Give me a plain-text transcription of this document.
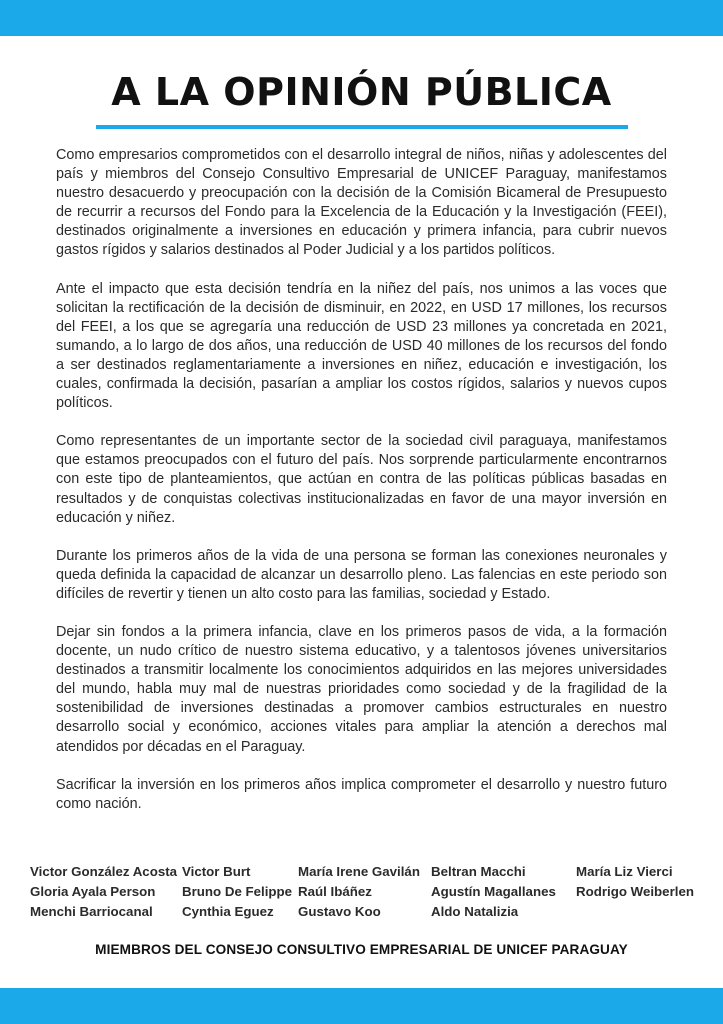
A LA OPINIÓN PÚBLICA

Como empresarios comprometidos con el desarrollo integral de niños, niñas y adolescentes del país y miembros del Consejo Consultivo Empresarial de UNICEF Paraguay, manifestamos nuestro desacuerdo y preocupación con la decisión de la Comisión Bicameral de Presupuesto de recurrir a recursos del Fondo para la Excelencia de la Educación y la Investigación (FEEI), destinados originalmente a inversiones en educación y primera infancia, para cubrir nuevos gastos rígidos y salarios destinados al Poder Judicial y a los partidos políticos.

Ante el impacto que esta decisión tendría en la niñez del país, nos unimos a las voces que solicitan la rectificación de la decisión de disminuir, en 2022, en USD 17 millones, los recursos del FEEI, a los que se agregaría una reducción de USD 23 millones ya concretada en 2021, sumando, a lo largo de dos años, una reducción de USD 40 millones de los recursos del fondo a ser destinados reglamentariamente a inversiones en niñez, educación e investigación, los cuales, confirmada la decisión, pasarían a ampliar los costos rígidos, salarios y nuevos cupos políticos.

Como representantes de un importante sector de la sociedad civil paraguaya, manifestamos que estamos preocupados con el futuro del país. Nos sorprende particularmente encontrarnos con este tipo de planteamientos, que actúan en contra de las políticas públicas basadas en resultados y de conquistas colectivas institucionalizadas en favor de una mayor inversión en educación y niñez.

Durante los primeros años de la vida de una persona se forman las conexiones neuronales y queda definida la capacidad de alcanzar un desarrollo pleno. Las falencias en este periodo son difíciles de revertir y tienen un alto costo para las familias, sociedad y Estado.

Dejar sin fondos a la primera infancia, clave en los primeros pasos de vida, a la formación docente, un nudo crítico de nuestro sistema educativo, y a talentosos jóvenes universitarios destinados a transmitir localmente los conocimientos adquiridos en las mejores universidades del mundo, habla muy mal de nuestras prioridades como sociedad y de la fragilidad de la sostenibilidad de inversiones destinadas a promover cambios estructurales en nuestro desarrollo social y económico, acciones vitales para ampliar la atención a derechos mal atendidos por décadas en el Paraguay.

Sacrificar la inversión en los primeros años implica comprometer el desarrollo y nuestro futuro como nación.

Victor González Acosta
Gloria Ayala Person
Menchi Barriocanal
Victor Burt
Bruno De Felippe
Cynthia Eguez
María Irene Gavilán
Raúl Ibáñez
Gustavo Koo
Beltran Macchi
Agustín Magallanes
Aldo Natalizia
María Liz Vierci
Rodrigo Weiberlen
MIEMBROS DEL CONSEJO CONSULTIVO EMPRESARIAL DE UNICEF PARAGUAY
